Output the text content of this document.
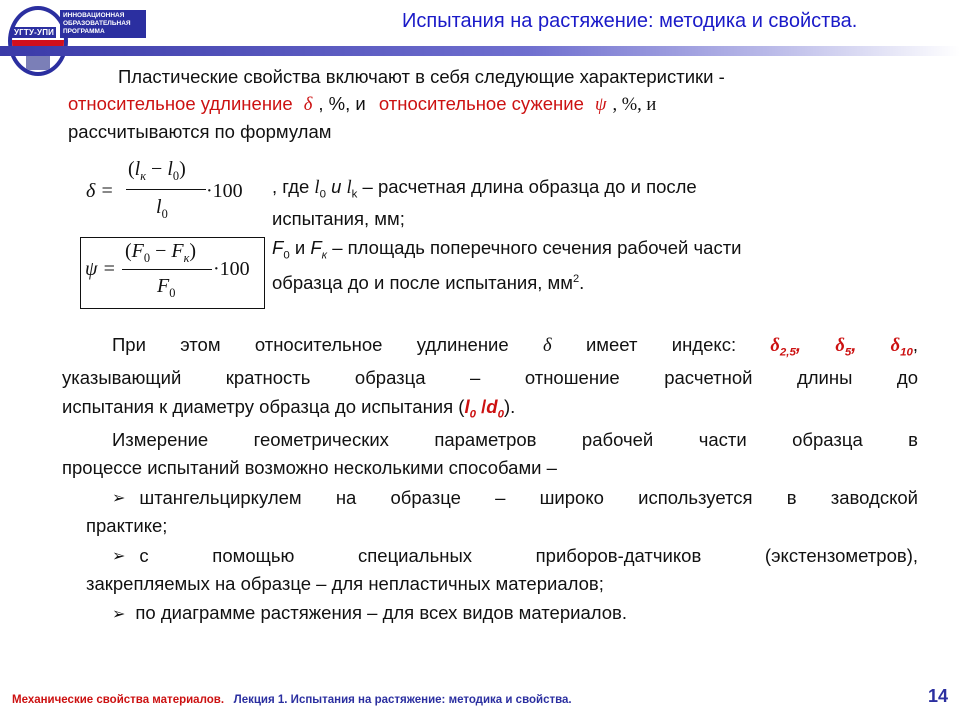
УГТУ-УПИ
ИННОВАЦИОННАЯ ОБРАЗОВАТЕЛЬНАЯ ПРОГРАММА	Испытания на растяжение: методика и свойства.
Пластические свойства включают в себя следующие характеристики -
относительное удлинение δ , %, и относительное сужение ψ , %, и
рассчитываются по формулам
δ =
$(l_к - l_0)$
$l_0$
·100
ψ =
$(F_0 - F_к)$
$F_0$
·100
, где $l_0$ и $l_k$ – расчетная длина образца до и после
испытания, мм;
$F_0$ и $F_к$ – площадь поперечного сечения рабочей части
образца до и после испытания, $мм^2$.
При этом относительное удлинение δ имеет индекс: $\delta_{2,5}$, $\delta_5$, $\delta_{10}$,
указывающий кратность образца – отношение расчетной длины до
испытания к диаметру образца до испытания ($l_0$ $/d_0$).
Измерение геометрических параметров рабочей части образца в
процессе испытаний возможно несколькими способами –
➢ штангельциркулем на образце – широко используется в заводской
практике;
➢ с помощью специальных приборов-датчиков (экстензометров),
закрепляемых на образце – для непластичных материалов;
➢ по диаграмме растяжения – для всех видов материалов.
Механические свойства материалов. Лекция 1. Испытания на растяжение: методика и свойства.	14
